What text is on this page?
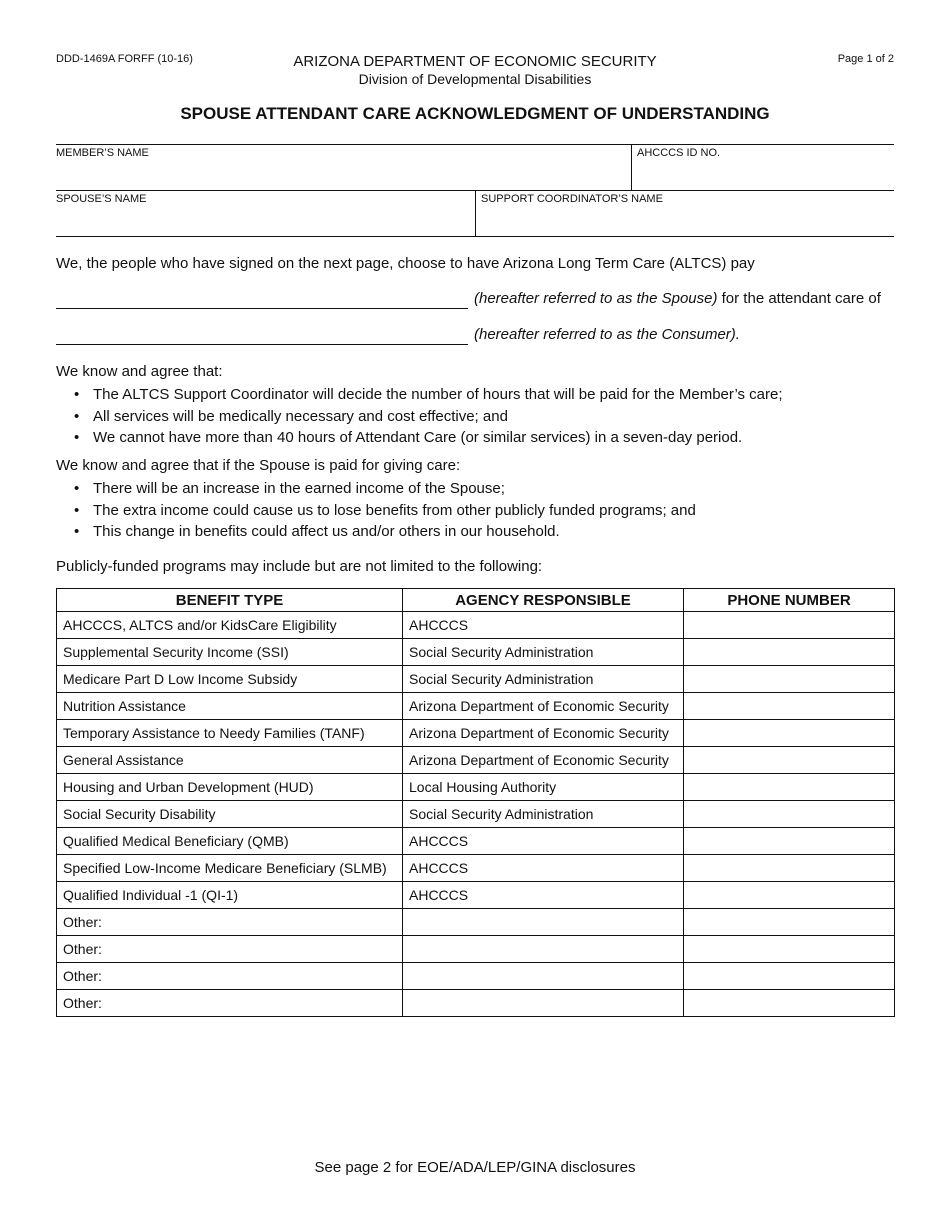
DDD-1469A FORFF (10-16)	Page 1 of 2
ARIZONA DEPARTMENT OF ECONOMIC SECURITY
Division of Developmental Disabilities
SPOUSE ATTENDANT CARE ACKNOWLEDGMENT OF UNDERSTANDING
MEMBER’S NAME	AHCCCS ID NO.
SPOUSE’S NAME	SUPPORT COORDINATOR’S NAME
We, the people who have signed on the next page, choose to have Arizona Long Term Care (ALTCS) pay
(hereafter referred to as the Spouse) for the attendant care of
(hereafter referred to as the Consumer).
We know and agree that:
• The ALTCS Support Coordinator will decide the number of hours that will be paid for the Member’s care;
• All services will be medically necessary and cost effective; and
• We cannot have more than 40 hours of Attendant Care (or similar services) in a seven-day period.
We know and agree that if the Spouse is paid for giving care:
• There will be an increase in the earned income of the Spouse;
• The extra income could cause us to lose benefits from other publicly funded programs; and
• This change in benefits could affect us and/or others in our household.
Publicly-funded programs may include but are not limited to the following:
BENEFIT TYPE	AGENCY RESPONSIBLE	PHONE NUMBER
AHCCCS, ALTCS and/or KidsCare Eligibility	AHCCCS	
Supplemental Security Income (SSI)	Social Security Administration	
Medicare Part D Low Income Subsidy	Social Security Administration	
Nutrition Assistance	Arizona Department of Economic Security	
Temporary Assistance to Needy Families (TANF)	Arizona Department of Economic Security	
General Assistance	Arizona Department of Economic Security	
Housing and Urban Development (HUD)	Local Housing Authority	
Social Security Disability	Social Security Administration	
Qualified Medical Beneficiary (QMB)	AHCCCS	
Specified Low-Income Medicare Beneficiary (SLMB)	AHCCCS	
Qualified Individual -1 (QI-1)	AHCCCS	
Other:		
Other:		
Other:		
Other:		
See page 2 for EOE/ADA/LEP/GINA disclosures
